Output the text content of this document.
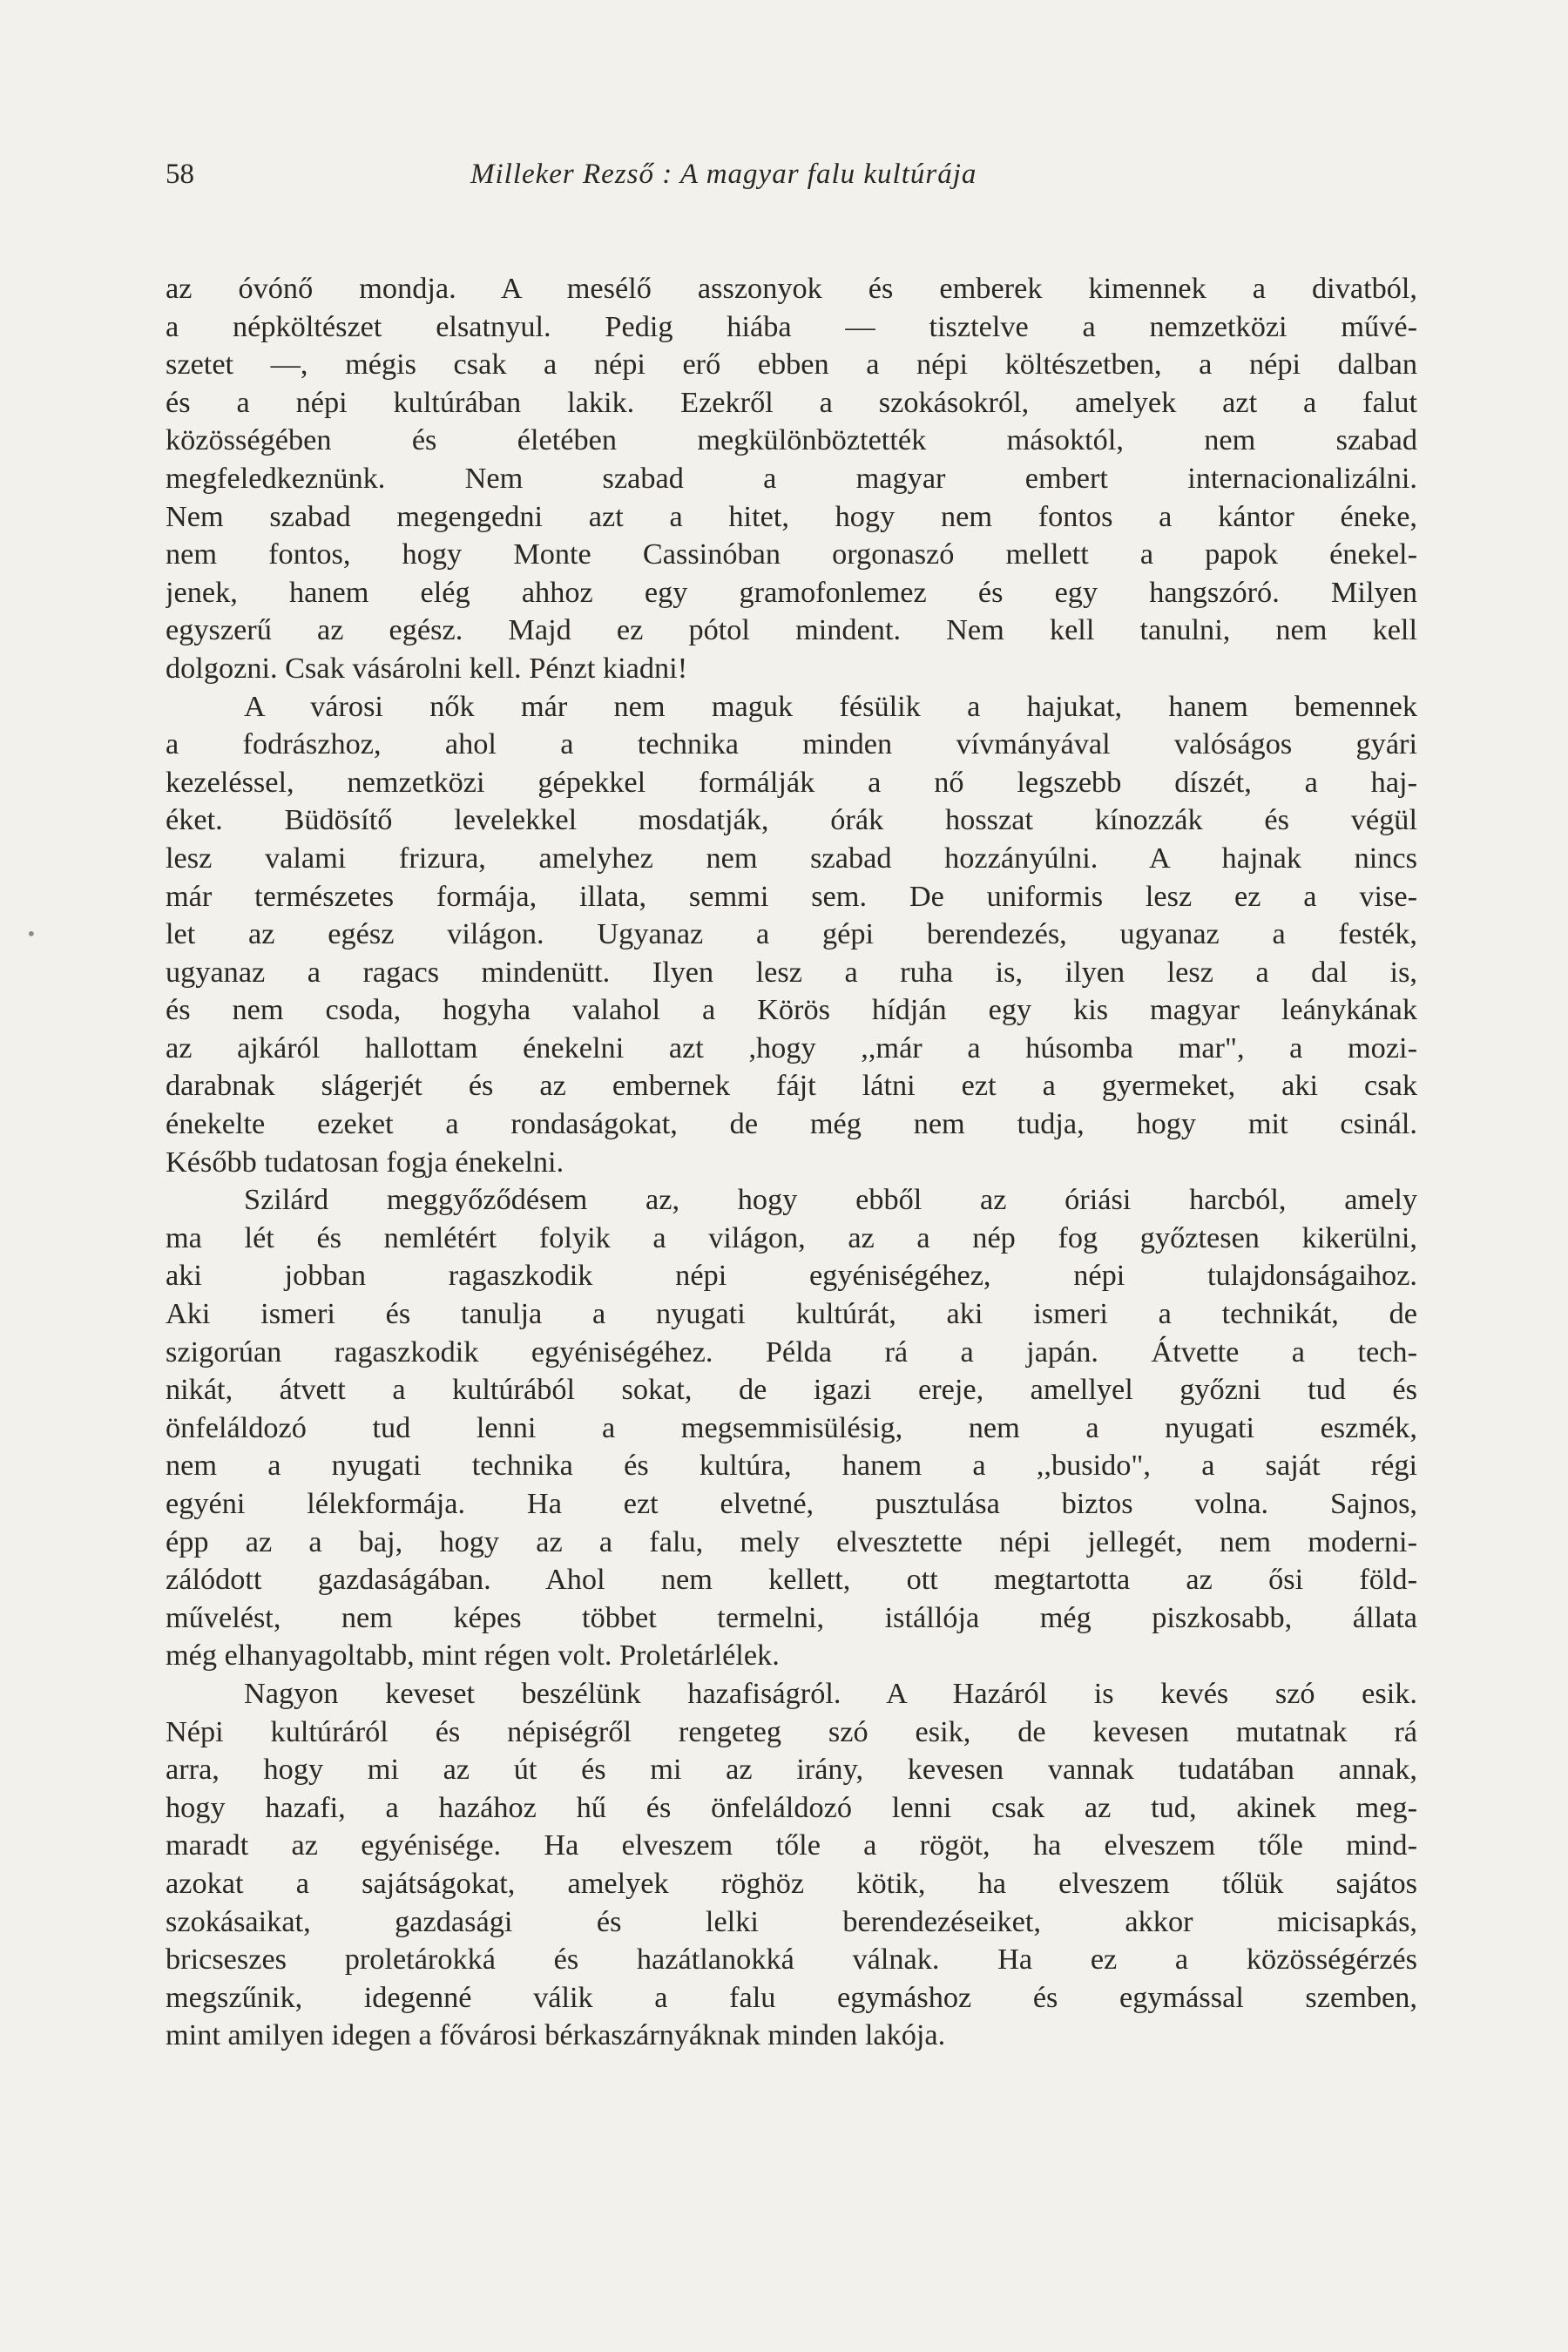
58	Milleker Rezső : A magyar falu kultúrája
•
az óvónő mondja. A mesélő asszonyok és emberek kimennek a divatból,
a népköltészet elsatnyul. Pedig hiába — tisztelve a nemzetközi művé-
szetet —, mégis csak a népi erő ebben a népi költészetben, a népi dalban
és a népi kultúrában lakik. Ezekről a szokásokról, amelyek azt a falut
közösségében és életében megkülönböztették másoktól, nem szabad
megfeledkeznünk. Nem szabad a magyar embert internacionalizálni.
Nem szabad megengedni azt a hitet, hogy nem fontos a kántor éneke,
nem fontos, hogy Monte Cassinóban orgonaszó mellett a papok énekel-
jenek, hanem elég ahhoz egy gramofonlemez és egy hangszóró. Milyen
egyszerű az egész. Majd ez pótol mindent. Nem kell tanulni, nem kell
dolgozni. Csak vásárolni kell. Pénzt kiadni!
A városi nők már nem maguk fésülik a hajukat, hanem bemennek
a fodrászhoz, ahol a technika minden vívmányával valóságos gyári
kezeléssel, nemzetközi gépekkel formálják a nő legszebb díszét, a haj-
éket. Büdösítő levelekkel mosdatják, órák hosszat kínozzák és végül
lesz valami frizura, amelyhez nem szabad hozzányúlni. A hajnak nincs
már természetes formája, illata, semmi sem. De uniformis lesz ez a vise-
let az egész világon. Ugyanaz a gépi berendezés, ugyanaz a festék,
ugyanaz a ragacs mindenütt. Ilyen lesz a ruha is, ilyen lesz a dal is,
és nem csoda, hogyha valahol a Körös hídján egy kis magyar leánykának
az ajkáról hallottam énekelni azt ,hogy ,,már a húsomba mar", a mozi-
darabnak slágerjét és az embernek fájt látni ezt a gyermeket, aki csak
énekelte ezeket a rondaságokat, de még nem tudja, hogy mit csinál.
Később tudatosan fogja énekelni.
Szilárd meggyőződésem az, hogy ebből az óriási harcból, amely
ma lét és nemlétért folyik a világon, az a nép fog győztesen kikerülni,
aki jobban ragaszkodik népi egyéniségéhez, népi tulajdonságaihoz.
Aki ismeri és tanulja a nyugati kultúrát, aki ismeri a technikát, de
szigorúan ragaszkodik egyéniségéhez. Példa rá a japán. Átvette a tech-
nikát, átvett a kultúrából sokat, de igazi ereje, amellyel győzni tud és
önfeláldozó tud lenni a megsemmisülésig, nem a nyugati eszmék,
nem a nyugati technika és kultúra, hanem a ,,busido", a saját régi
egyéni lélekformája. Ha ezt elvetné, pusztulása biztos volna. Sajnos,
épp az a baj, hogy az a falu, mely elvesztette népi jellegét, nem moderni-
zálódott gazdaságában. Ahol nem kellett, ott megtartotta az ősi föld-
művelést, nem képes többet termelni, istállója még piszkosabb, állata
még elhanyagoltabb, mint régen volt. Proletárlélek.
Nagyon keveset beszélünk hazafiságról. A Hazáról is kevés szó esik.
Népi kultúráról és népiségről rengeteg szó esik, de kevesen mutatnak rá
arra, hogy mi az út és mi az irány, kevesen vannak tudatában annak,
hogy hazafi, a hazához hű és önfeláldozó lenni csak az tud, akinek meg-
maradt az egyénisége. Ha elveszem tőle a rögöt, ha elveszem tőle mind-
azokat a sajátságokat, amelyek röghöz kötik, ha elveszem tőlük sajátos
szokásaikat, gazdasági és lelki berendezéseiket, akkor micisapkás,
bricseszes proletárokká és hazátlanokká válnak. Ha ez a közösségérzés
megszűnik, idegenné válik a falu egymáshoz és egymással szemben,
mint amilyen idegen a fővárosi bérkaszárnyáknak minden lakója.
